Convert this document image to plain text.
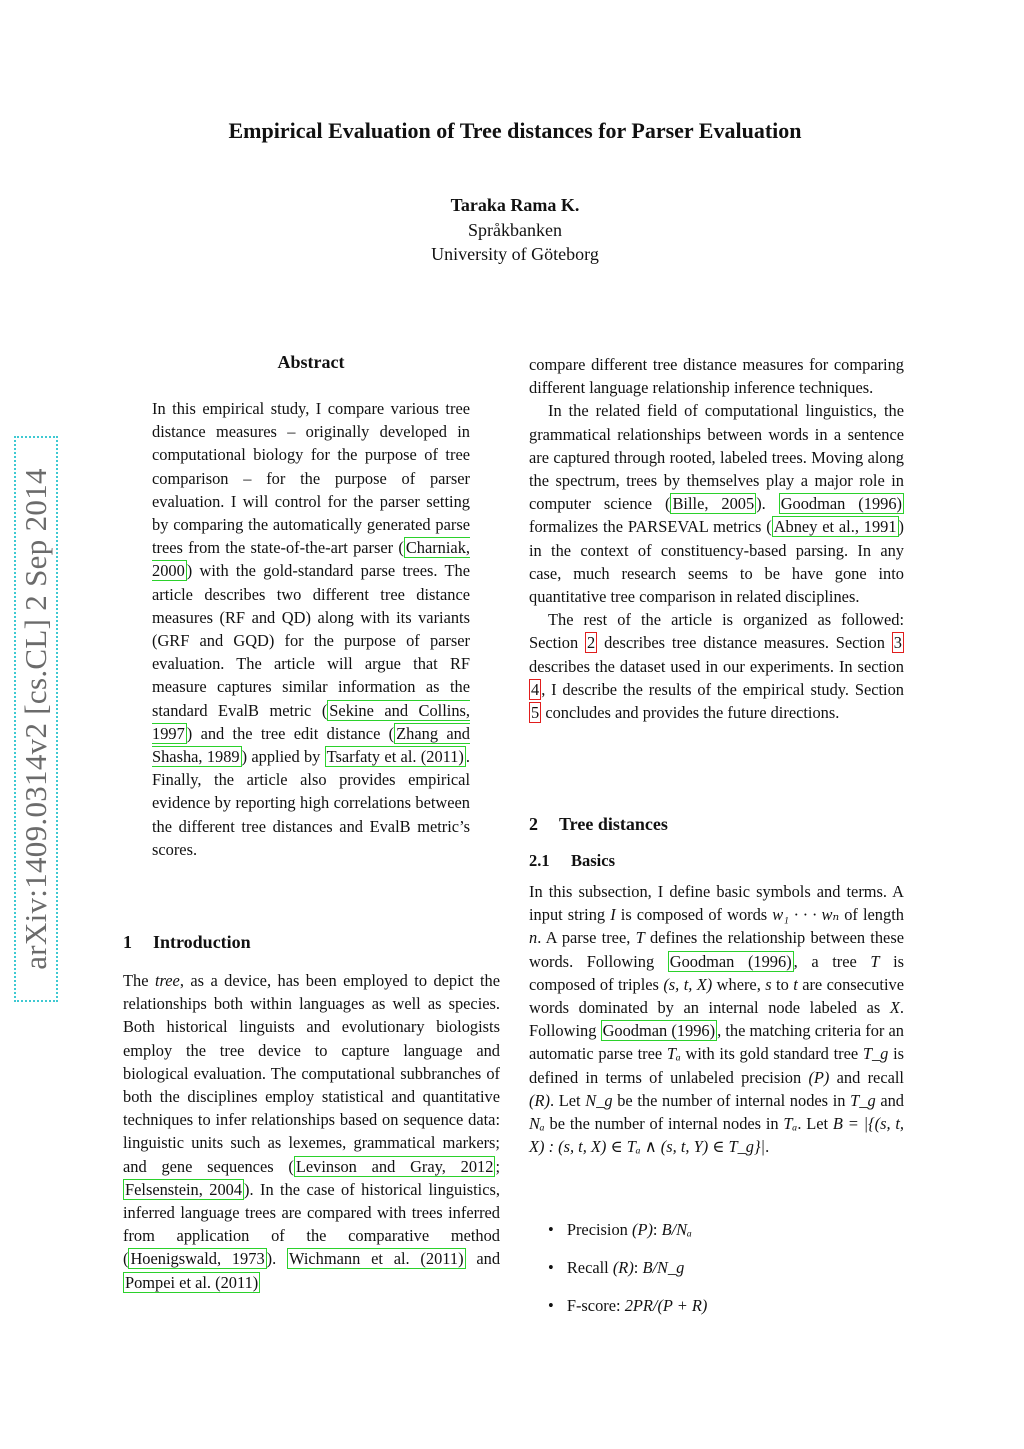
Empirical Evaluation of Tree distances for Parser Evaluation
Taraka Rama K.
Språkbanken
University of Göteborg
arXiv:1409.0314v2 [cs.CL] 2 Sep 2014
Abstract

In this empirical study, I compare various tree distance measures – originally developed in computational biology for the purpose of tree comparison – for the purpose of parser evaluation. I will control for the parser setting by comparing the automatically generated parse trees from the state-of-the-art parser ( Charniak, 2000 ) with the gold-standard parse trees. The article describes two different tree distance measures (RF and QD) along with its variants (GRF and GQD) for the purpose of parser evaluation. The article will argue that RF measure captures similar information as the standard EvalB metric ( Sekine and Collins, 1997 ) and the tree edit distance ( Zhang and Shasha, 1989 ) applied by Tsarfaty et al. (2011) . Finally, the article also provides empirical evidence by reporting high correlations between the different tree distances and EvalB metric’s scores.

1 Introduction

The tree, as a device, has been employed to depict the relationships both within languages as well as species. Both historical linguists and evolutionary biologists employ the tree device to capture language and biological evaluation. The computational subbranches of both the disciplines employ statistical and quantitative techniques to infer relationships based on sequence data: linguistic units such as lexemes, grammatical markers; and gene sequences ( Levinson and Gray, 2012 ; Felsenstein, 2004 ). In the case of historical linguistics, inferred language trees are compared with trees inferred from application of the comparative method ( Hoenigswald, 1973 ). Wichmann et al. (2011) and Pompei et al. (2011)

compare different tree distance measures for comparing different language relationship inference techniques.

In the related field of computational linguistics, the grammatical relationships between words in a sentence are captured through rooted, labeled trees. Moving along the spectrum, trees by themselves play a major role in computer science ( Bille, 2005 ). Goodman (1996) formalizes the PARSEVAL metrics ( Abney et al., 1991 ) in the context of constituency-based parsing. In any case, much research seems to be have gone into quantitative tree comparison in related disciplines.

The rest of the article is organized as followed: Section 2 describes tree distance measures. Section 3 describes the dataset used in our experiments. In section 4 , I describe the results of the empirical study. Section 5 concludes and provides the future directions.

2 Tree distances
2.1 Basics

In this subsection, I define basic symbols and terms. A input string I is composed of words w₁ · · · wₙ of length n. A parse tree, T defines the relationship between these words. Following Goodman (1996) , a tree T is composed of triples (s, t, X) where, s to t are consecutive words dominated by an internal node labeled as X. Following Goodman (1996) , the matching criteria for an automatic parse tree Tₐ with its gold standard tree T_g is defined in terms of unlabeled precision (P) and recall (R). Let N_g be the number of internal nodes in T_g and Nₐ be the number of internal nodes in Tₐ. Let B = |{(s, t, X) : (s, t, X) ∈ Tₐ ∧ (s, t, Y) ∈ T_g}|.

• Precision (P): B/Nₐ
• Recall (R): B/N_g
• F-score: 2PR/(P + R)
